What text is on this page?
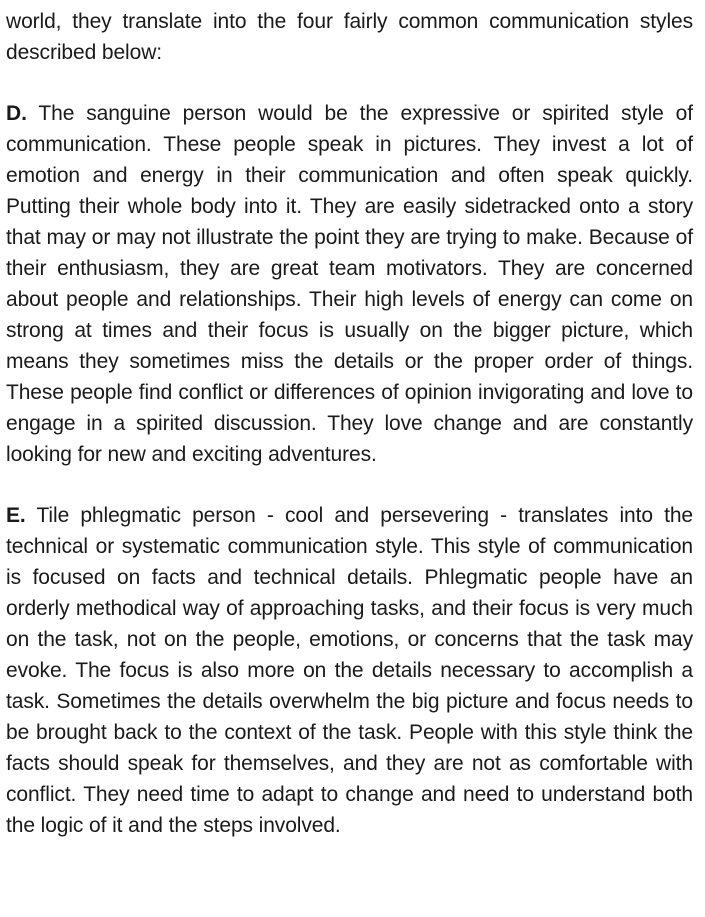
world, they translate into the four fairly common communication styles described below:

D. The sanguine person would be the expressive or spirited style of communication. These people speak in pictures. They invest a lot of emotion and energy in their communication and often speak quickly. Putting their whole body into it. They are easily sidetracked onto a story that may or may not illustrate the point they are trying to make. Because of their enthusiasm, they are great team motivators. They are concerned about people and relationships. Their high levels of energy can come on strong at times and their focus is usually on the bigger picture, which means they sometimes miss the details or the proper order of things. These people find conflict or differences of opinion invigorating and love to engage in a spirited discussion. They love change and are constantly looking for new and exciting adventures.

E. Tile phlegmatic person - cool and persevering - translates into the technical or systematic communication style. This style of communication is focused on facts and technical details. Phlegmatic people have an orderly methodical way of approaching tasks, and their focus is very much on the task, not on the people, emotions, or concerns that the task may evoke. The focus is also more on the details necessary to accomplish a task. Sometimes the details overwhelm the big picture and focus needs to be brought back to the context of the task. People with this style think the facts should speak for themselves, and they are not as comfortable with conflict. They need time to adapt to change and need to understand both the logic of it and the steps involved.
